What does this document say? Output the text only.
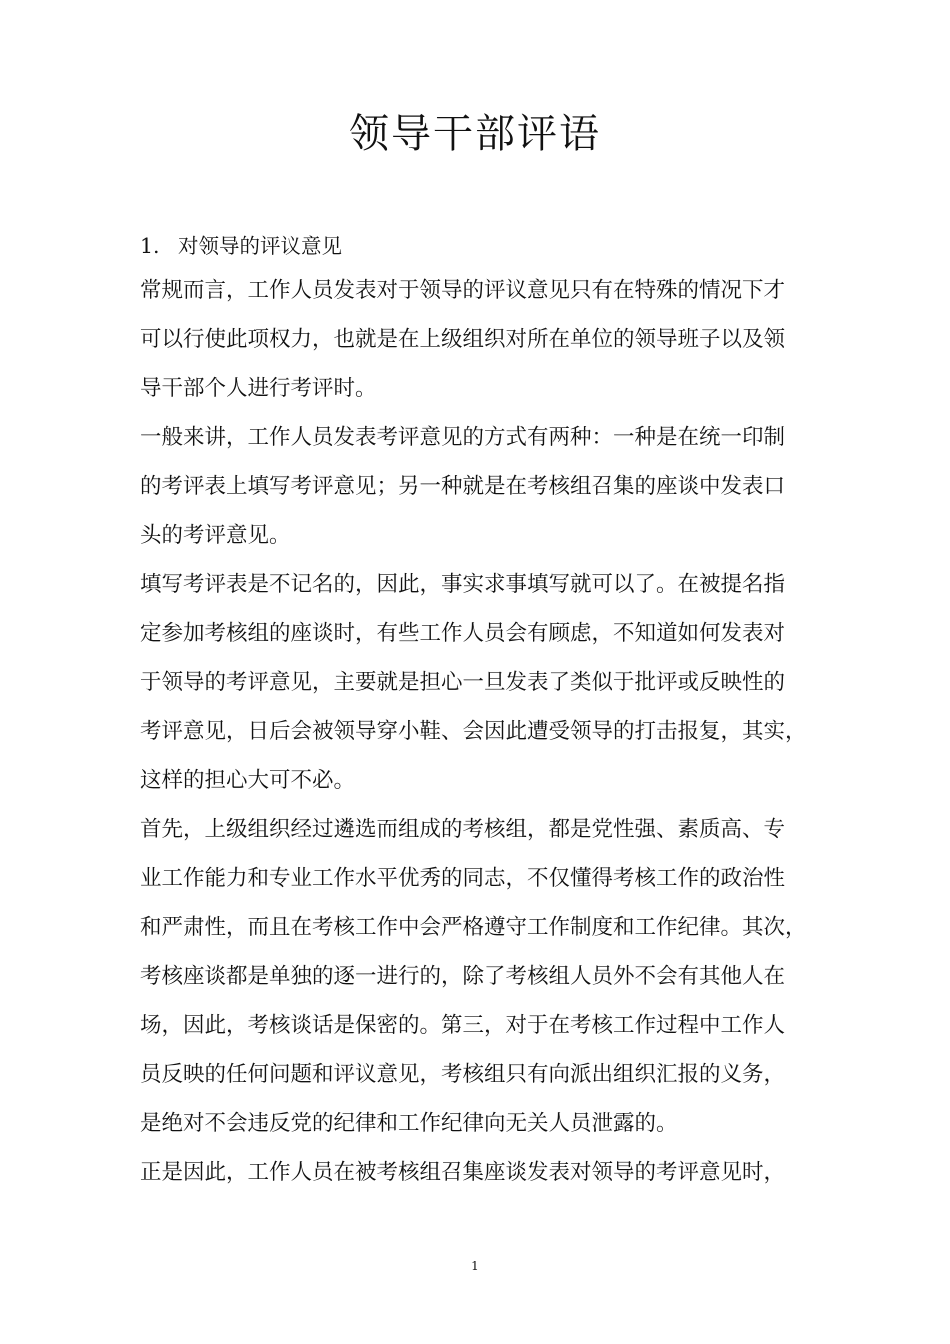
领导干部评语
1. 对领导的评议意见
常规而言，工作人员发表对于领导的评议意见只有在特殊的情况下才
可以行使此项权力，也就是在上级组织对所在单位的领导班子以及领
导干部个人进行考评时。
一般来讲，工作人员发表考评意见的方式有两种：一种是在统一印制
的考评表上填写考评意见；另一种就是在考核组召集的座谈中发表口
头的考评意见。
填写考评表是不记名的，因此，事实求事填写就可以了。在被提名指
定参加考核组的座谈时，有些工作人员会有顾虑，不知道如何发表对
于领导的考评意见，主要就是担心一旦发表了类似于批评或反映性的
考评意见，日后会被领导穿小鞋、会因此遭受领导的打击报复，其实，
这样的担心大可不必。
首先，上级组织经过遴选而组成的考核组，都是党性强、素质高、专
业工作能力和专业工作水平优秀的同志，不仅懂得考核工作的政治性
和严肃性，而且在考核工作中会严格遵守工作制度和工作纪律。其次，
考核座谈都是单独的逐一进行的，除了考核组人员外不会有其他人在
场，因此，考核谈话是保密的。第三，对于在考核工作过程中工作人
员反映的任何问题和评议意见，考核组只有向派出组织汇报的义务，
是绝对不会违反党的纪律和工作纪律向无关人员泄露的。
正是因此，工作人员在被考核组召集座谈发表对领导的考评意见时，
1
